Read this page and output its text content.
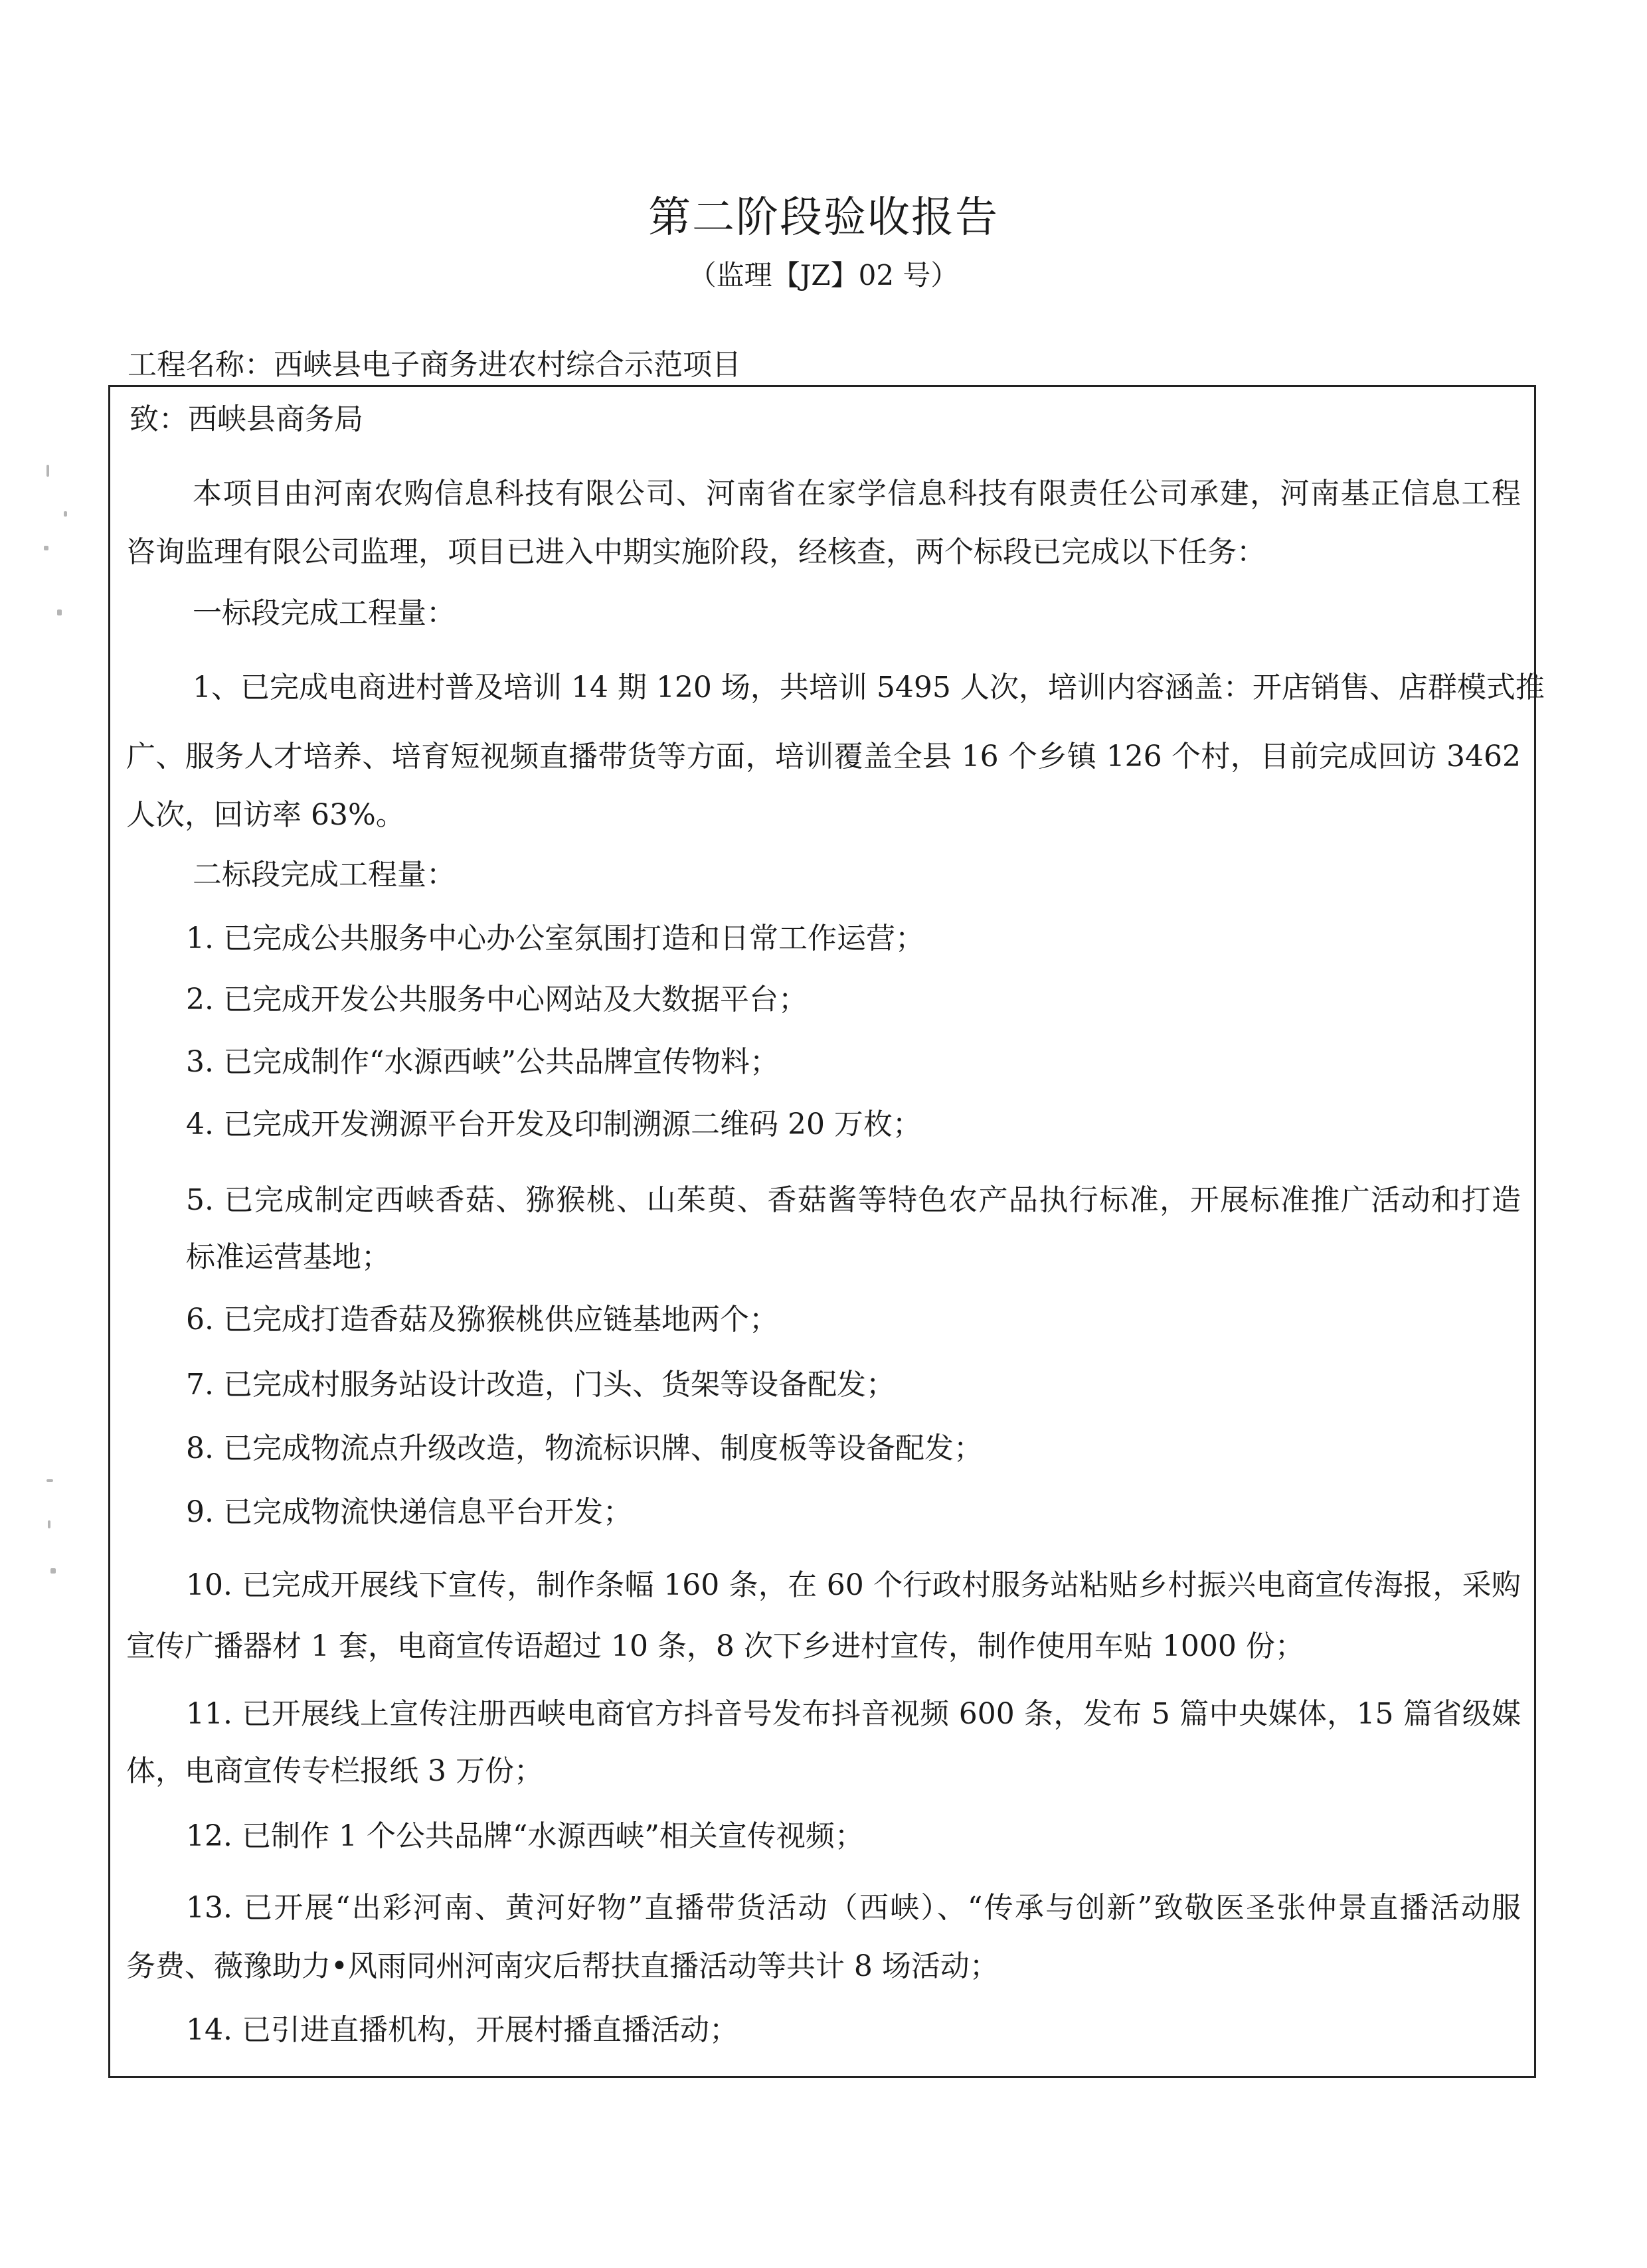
第二阶段验收报告
（监理【JZ】02 号）
工程名称：西峡县电子商务进农村综合示范项目
致：西峡县商务局
本项目由河南农购信息科技有限公司、河南省在家学信息科技有限责任公司承建，河南基正信息工程
咨询监理有限公司监理，项目已进入中期实施阶段，经核查，两个标段已完成以下任务：
一标段完成工程量：
1、已完成电商进村普及培训 14 期 120 场，共培训 5495 人次，培训内容涵盖：开店销售、店群模式推
广、服务人才培养、培育短视频直播带货等方面，培训覆盖全县 16 个乡镇 126 个村，目前完成回访 3462
人次，回访率 63%。
二标段完成工程量：
1. 已完成公共服务中心办公室氛围打造和日常工作运营；
2. 已完成开发公共服务中心网站及大数据平台；
3. 已完成制作“水源西峡”公共品牌宣传物料；
4. 已完成开发溯源平台开发及印制溯源二维码 20 万枚；
5. 已完成制定西峡香菇、猕猴桃、山茱萸、香菇酱等特色农产品执行标准，开展标准推广活动和打造
标准运营基地；
6. 已完成打造香菇及猕猴桃供应链基地两个；
7. 已完成村服务站设计改造，门头、货架等设备配发；
8. 已完成物流点升级改造，物流标识牌、制度板等设备配发；
9. 已完成物流快递信息平台开发；
10. 已完成开展线下宣传，制作条幅 160 条，在 60 个行政村服务站粘贴乡村振兴电商宣传海报，采购
宣传广播器材 1 套，电商宣传语超过 10 条，8 次下乡进村宣传，制作使用车贴 1000 份；
11. 已开展线上宣传注册西峡电商官方抖音号发布抖音视频 600 条，发布 5 篇中央媒体，15 篇省级媒
体，电商宣传专栏报纸 3 万份；
12. 已制作 1 个公共品牌“水源西峡”相关宣传视频；
13. 已开展“出彩河南、黄河好物”直播带货活动（西峡）、“传承与创新”致敬医圣张仲景直播活动服
务费、薇豫助力•风雨同州河南灾后帮扶直播活动等共计 8 场活动；
14. 已引进直播机构，开展村播直播活动；
